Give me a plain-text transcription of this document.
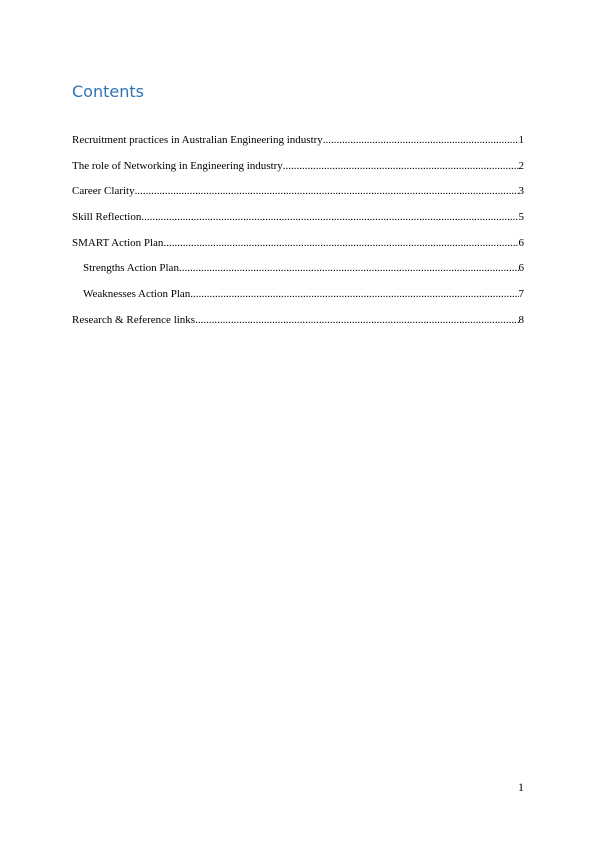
Contents
Recruitment practices in Australian Engineering industry .....	1
The role of Networking in Engineering industry .....	2
Career Clarity .....	3
Skill Reflection .....	5
SMART Action Plan .....	6
Strengths Action Plan .....	6
Weaknesses Action Plan .....	7
Research & Reference links .....	8
1
